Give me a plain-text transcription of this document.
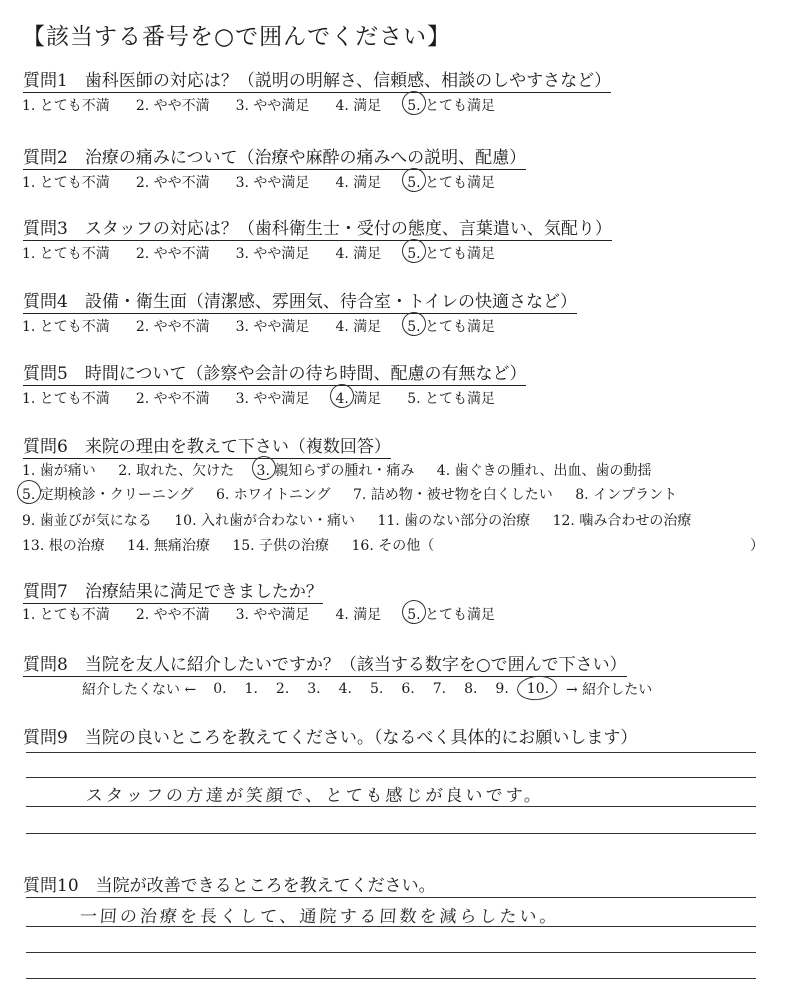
【該当する番号を○で囲んでください】
質問1　歯科医師の対応は？（説明の明解さ、信頼感、相談のしやすさなど）
1. とても不満 2. やや不満 3. やや満足 4. 満足 5. とても満足
質問2　治療の痛みについて（治療や麻酔の痛みへの説明、配慮）
1. とても不満 2. やや不満 3. やや満足 4. 満足 5. とても満足
質問3　スタッフの対応は？（歯科衛生士・受付の態度、言葉遣い、気配り）
1. とても不満 2. やや不満 3. やや満足 4. 満足 5. とても満足
質問4　設備・衛生面（清潔感、雰囲気、待合室・トイレの快適さなど）
1. とても不満 2. やや不満 3. やや満足 4. 満足 5. とても満足
質問5　時間について（診察や会計の待ち時間、配慮の有無など）
1. とても不満 2. やや不満 3. やや満足 4. 満足 5. とても満足
質問6　来院の理由を教えて下さい（複数回答）
1. 歯が痛い 2. 取れた、欠けた 3. 親知らずの腫れ・痛み 4. 歯ぐきの腫れ、出血、歯の動揺
5. 定期検診・クリーニング 6. ホワイトニング 7. 詰め物・被せ物を白くしたい 8. インプラント
9. 歯並びが気になる 10. 入れ歯が合わない・痛い 11. 歯のない部分の治療 12. 噛み合わせの治療
13. 根の治療 14. 無痛治療 15. 子供の治療 16. その他（	）
質問7　治療結果に満足できましたか？
1. とても不満 2. やや不満 3. やや満足 4. 満足 5. とても満足
質問8　当院を友人に紹介したいですか？（該当する数字を○で囲んで下さい）
紹介したくない ← 0. 1. 2. 3. 4. 5. 6. 7. 8. 9. 10. → 紹介したい
質問9　当院の良いところを教えてください。（なるべく具体的にお願いします）
スタッフの方達が笑顔で、とても感じが良いです。
質問10　当院が改善できるところを教えてください。
一回の治療を長くして、通院する回数を減らしたい。
